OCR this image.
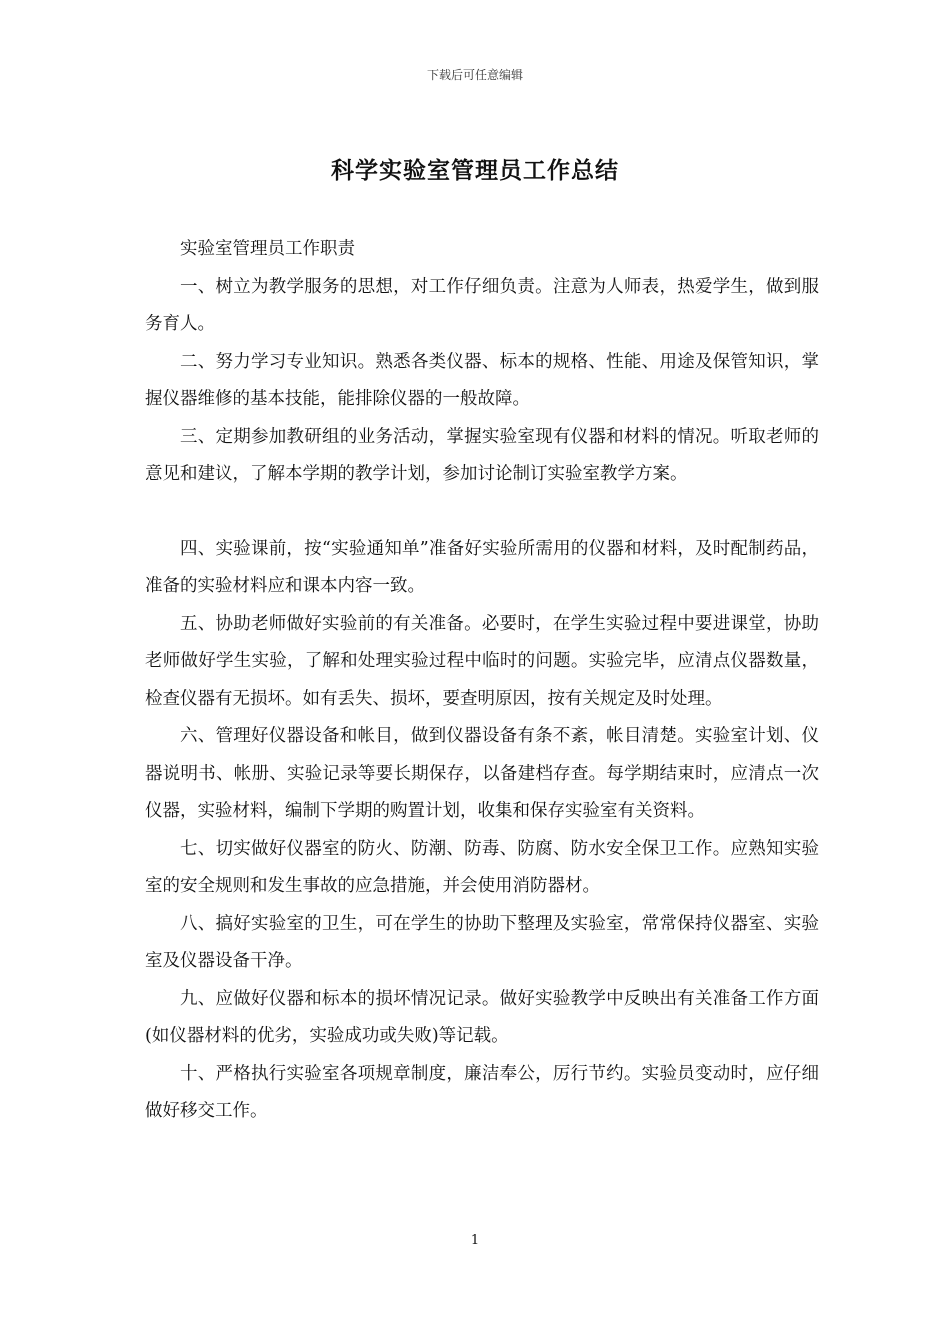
下载后可任意编辑
科学实验室管理员工作总结

实验室管理员工作职责

一、树立为教学服务的思想，对工作仔细负责。注意为人师表，热爱学生，做到服务育人。

二、努力学习专业知识。熟悉各类仪器、标本的规格、性能、用途及保管知识，掌握仪器维修的基本技能，能排除仪器的一般故障。

三、定期参加教研组的业务活动，掌握实验室现有仪器和材料的情况。听取老师的意见和建议，了解本学期的教学计划，参加讨论制订实验室教学方案。

四、实验课前，按“实验通知单”准备好实验所需用的仪器和材料，及时配制药品，准备的实验材料应和课本内容一致。

五、协助老师做好实验前的有关准备。必要时，在学生实验过程中要进课堂，协助老师做好学生实验，了解和处理实验过程中临时的问题。实验完毕，应清点仪器数量，检查仪器有无损坏。如有丢失、损坏，要查明原因，按有关规定及时处理。

六、管理好仪器设备和帐目，做到仪器设备有条不紊，帐目清楚。实验室计划、仪器说明书、帐册、实验记录等要长期保存，以备建档存查。每学期结束时，应清点一次仪器，实验材料，编制下学期的购置计划，收集和保存实验室有关资料。

七、切实做好仪器室的防火、防潮、防毒、防腐、防水安全保卫工作。应熟知实验室的安全规则和发生事故的应急措施，并会使用消防器材。

八、搞好实验室的卫生，可在学生的协助下整理及实验室，常常保持仪器室、实验室及仪器设备干净。

九、应做好仪器和标本的损坏情况记录。做好实验教学中反映出有关准备工作方面(如仪器材料的优劣，实验成功或失败)等记载。

十、严格执行实验室各项规章制度，廉洁奉公，厉行节约。实验员变动时，应仔细做好移交工作。

1
